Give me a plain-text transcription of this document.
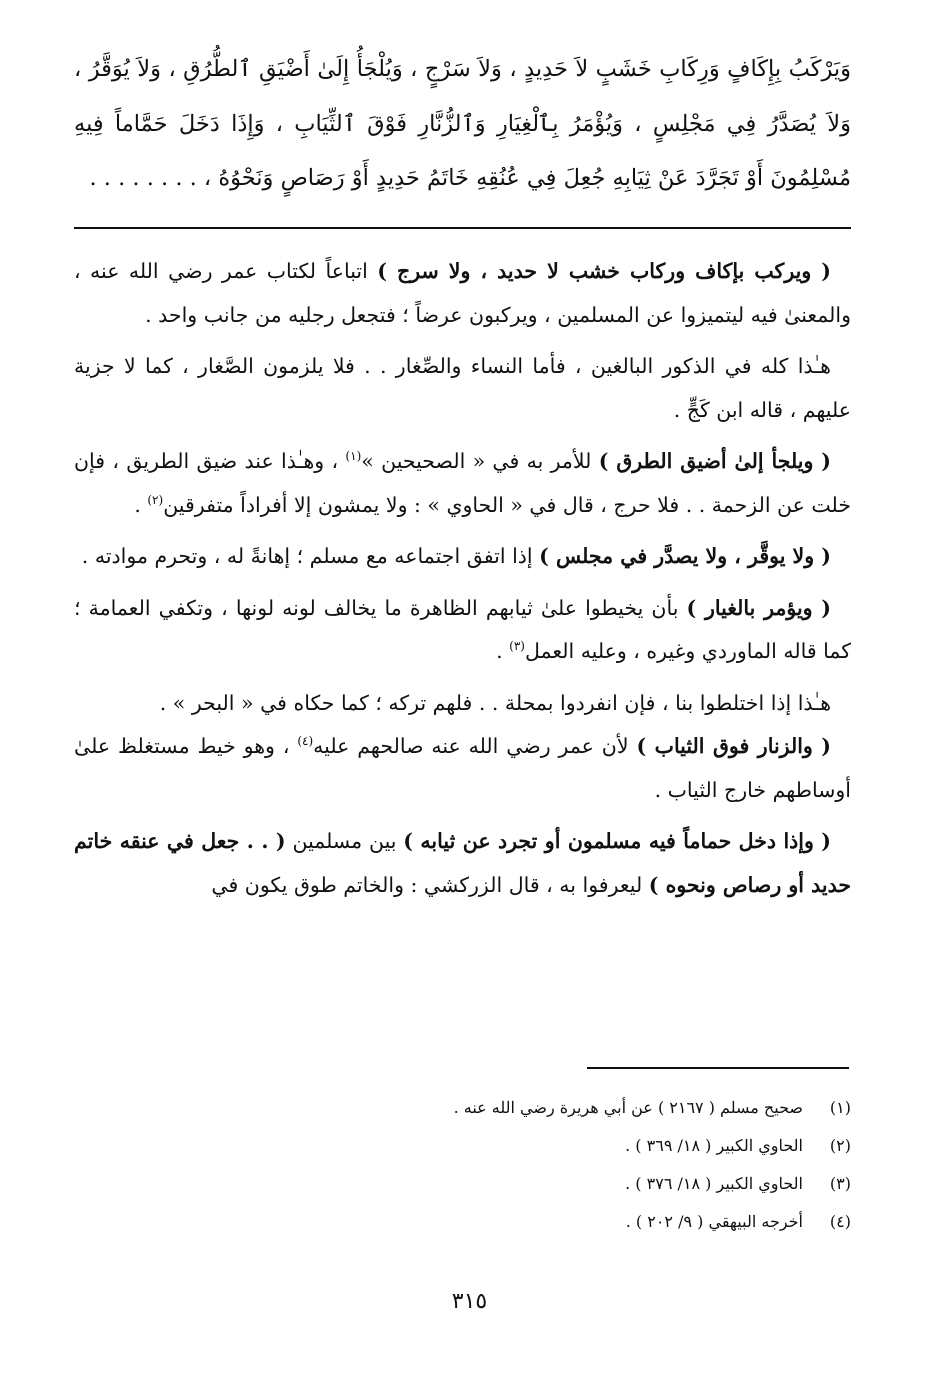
وَيَرْكَبُ بِإِكَافٍ وَرِكَابِ خَشَبٍ لاَ حَدِيدٍ ، وَلاَ سَرْجٍ ، وَيُلْجَأُ إِلَىٰ أَضْيَقِ ٱلطُّرُقِ ، وَلاَ يُوَقَّرُ ، وَلاَ يُصَدَّرُ فِي مَجْلِسٍ ، وَيُؤْمَرُ بِٱلْغِيَارِ وَٱلزُّنَّارِ فَوْقَ ٱلثِّيَابِ ، وَإِذَا دَخَلَ حَمَّاماً فِيهِ مُسْلِمُونَ أَوْ تَجَرَّدَ عَنْ ثِيَابِهِ جُعِلَ فِي عُنُقِهِ خَاتَمُ حَدِيدٍ أَوْ رَصَاصٍ وَنَحْوُهُ ، . . . . . . . .

( ويركب بإكاف وركاب خشب لا حديد ، ولا سرج ) اتباعاً لكتاب عمر رضي الله عنه ، والمعنىٰ فيه ليتميزوا عن المسلمين ، ويركبون عرضاً ؛ فتجعل رجليه من جانب واحد .

هـٰذا كله في الذكور البالغين ، فأما النساء والصِّغار . . فلا يلزمون الصَّغار ، كما لا جزية عليهم ، قاله ابن كَجٍّ .

( ويلجأ إلىٰ أضيق الطرق ) للأمر به في « الصحيحين »$^{(١)}$ ، وهـٰذا عند ضيق الطريق ، فإن خلت عن الزحمة . . فلا حرج ، قال في « الحاوي » : ولا يمشون إلا أفراداً متفرقين$^{(٢)}$ .

( ولا يوقَّر ، ولا يصدَّر في مجلس ) إذا اتفق اجتماعه مع مسلم ؛ إهانةً له ، وتحرم موادته .

( ويؤمر بالغيار ) بأن يخيطوا علىٰ ثيابهم الظاهرة ما يخالف لونه لونها ، وتكفي العمامة ؛ كما قاله الماوردي وغيره ، وعليه العمل$^{(٣)}$ .

هـٰذا إذا اختلطوا بنا ، فإن انفردوا بمحلة . . فلهم تركه ؛ كما حكاه في « البحر » .

( والزنار فوق الثياب ) لأن عمر رضي الله عنه صالحهم عليه$^{(٤)}$ ، وهو خيط مستغلظ علىٰ أوساطهم خارج الثياب .

( وإذا دخل حماماً فيه مسلمون أو تجرد عن ثيابه ) بين مسلمين ( . . جعل في عنقه خاتم حديد أو رصاص ونحوه ) ليعرفوا به ، قال الزركشي : والخاتم طوق يكون في

(١)
صحيح مسلم ( ٢١٦٧ ) عن أبي هريرة رضي الله عنه .
(٢)
الحاوي الكبير ( ١٨/ ٣٦٩ ) .
(٣)
الحاوي الكبير ( ١٨/ ٣٧٦ ) .
(٤)
أخرجه البيهقي ( ٩/ ٢٠٢ ) .
٣١٥
